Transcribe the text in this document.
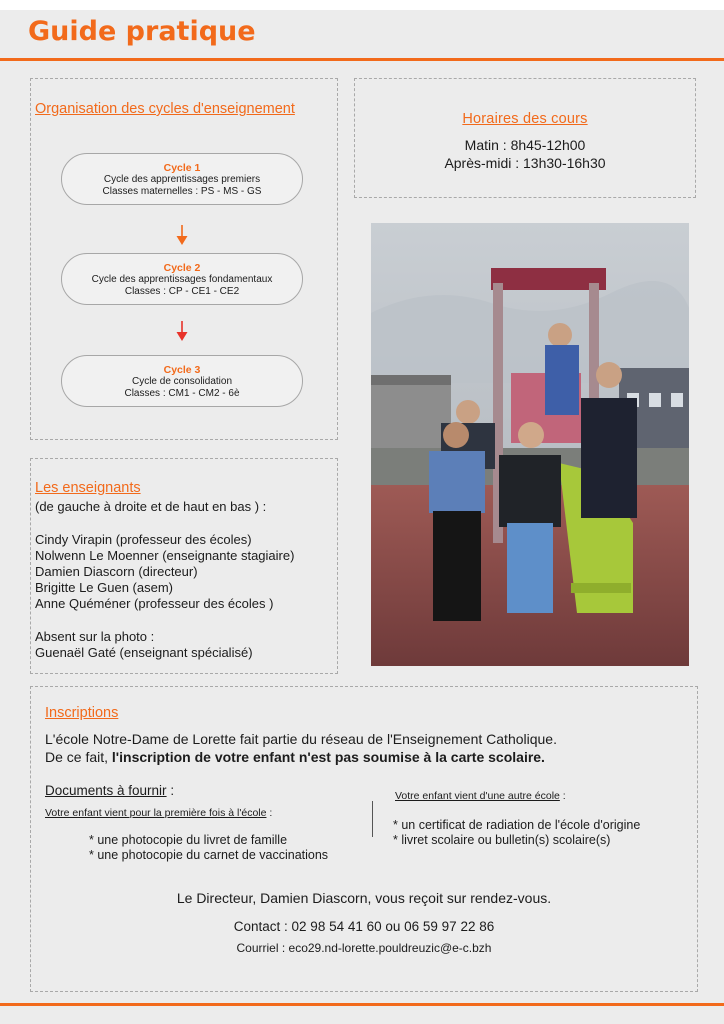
Guide pratique
Organisation des cycles d'enseignement
Cycle 1
Cycle des apprentissages premiers
Classes maternelles : PS - MS - GS
Cycle 2
Cycle des apprentissages fondamentaux
Classes : CP - CE1 - CE2
Cycle 3
Cycle de consolidation
Classes : CM1 - CM2 - 6è
Horaires des cours
Matin : 8h45-12h00
Après-midi : 13h30-16h30
Les enseignants
(de gauche à droite et de haut en bas ) :
Cindy Virapin (professeur des écoles)
Nolwenn Le Moenner (enseignante stagiaire)
Damien Diascorn (directeur)
Brigitte Le Guen (asem)
Anne Quéméner (professeur des écoles )
Absent sur la photo :
Guenaël Gaté (enseignant spécialisé)
Inscriptions
L'école Notre-Dame de Lorette fait partie du réseau de l'Enseignement Catholique.
De ce fait, l'inscription de votre enfant n'est pas soumise à la carte scolaire.
Documents à fournir :
Votre enfant vient pour la première fois à l'école :
* une photocopie du livret de famille
* une photocopie du carnet de vaccinations
Votre enfant vient d'une autre école :
* un certificat de radiation de l'école d'origine
* livret scolaire ou bulletin(s) scolaire(s)
Le Directeur, Damien Diascorn, vous reçoit sur rendez-vous.
Contact : 02 98 54 41 60 ou 06 59 97 22 86
Courriel : eco29.nd-lorette.pouldreuzic@e-c.bzh
